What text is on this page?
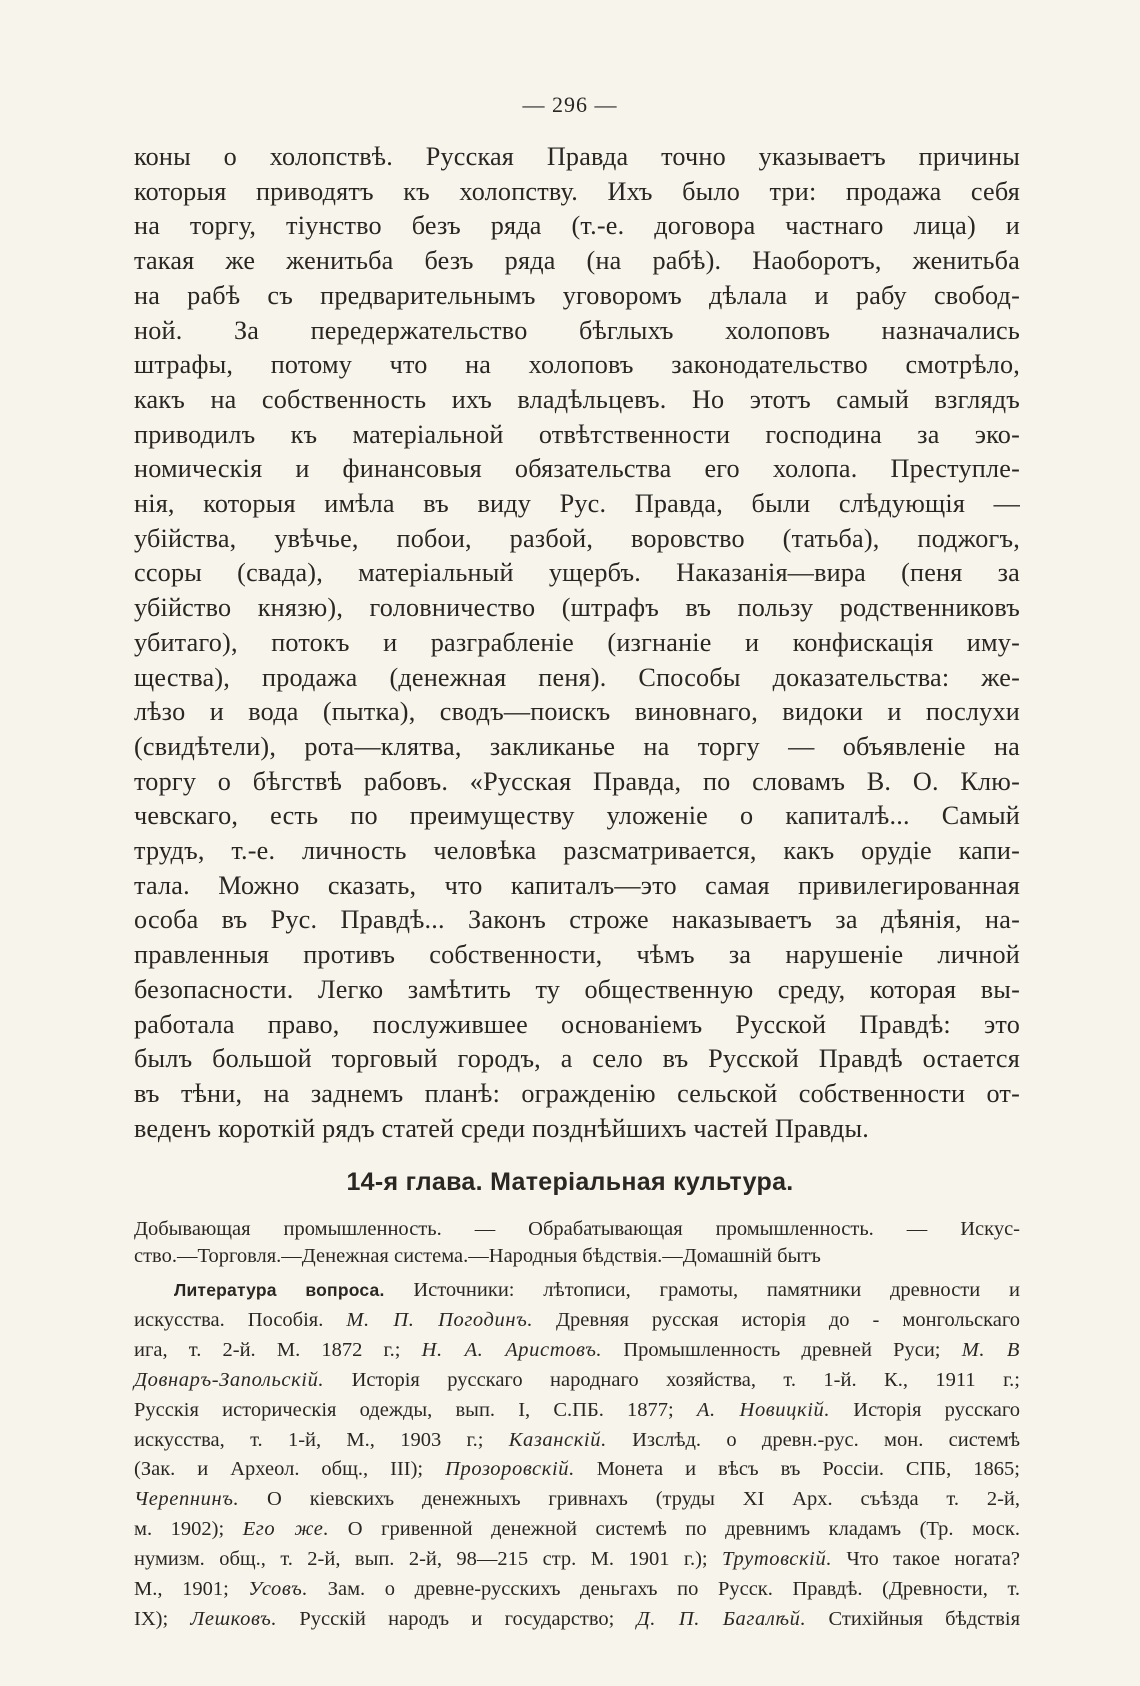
— 296 —
коны о холопствѣ. Русская Правда точно указываетъ причины
которыя приводятъ къ холопству. Ихъ было три: продажа себя
на торгу, тіунство безъ ряда (т.-е. договора частнаго лица) и
такая же женитьба безъ ряда (на рабѣ). Наоборотъ, женитьба
на рабѣ съ предварительнымъ уговоромъ дѣлала и рабу свобод-
ной. За передержательство бѣглыхъ холоповъ назначались
штрафы, потому что на холоповъ законодательство смотрѣло,
какъ на собственность ихъ владѣльцевъ. Но этотъ самый взглядъ
приводилъ къ матеріальной отвѣтственности господина за эко-
номическія и финансовыя обязательства его холопа. Преступле-
нія, которыя имѣла въ виду Рус. Правда, были слѣдующія —
убійства, увѣчье, побои, разбой, воровство (татьба), поджогъ,
ссоры (свада), матеріальный ущербъ. Наказанія—вира (пеня за
убійство князю), головничество (штрафъ въ пользу родственниковъ
убитаго), потокъ и разграбленіе (изгнаніе и конфискація иму-
щества), продажа (денежная пеня). Способы доказательства: же-
лѣзо и вода (пытка), сводъ—поискъ виновнаго, видоки и послухи
(свидѣтели), рота—клятва, закликанье на торгу — объявленіе на
торгу о бѣгствѣ рабовъ. «Русская Правда, по словамъ В. О. Клю-
чевскаго, есть по преимуществу уложеніе о капиталѣ... Самый
трудъ, т.-е. личность человѣка разсматривается, какъ орудіе капи-
тала. Можно сказать, что капиталъ—это самая привилегированная
особа въ Рус. Правдѣ... Законъ строже наказываетъ за дѣянія, на-
правленныя противъ собственности, чѣмъ за нарушеніе личной
безопасности. Легко замѣтить ту общественную среду, которая вы-
работала право, послужившее основаніемъ Русской Правдѣ: это
былъ большой торговый городъ, а село въ Русской Правдѣ остается
въ тѣни, на заднемъ планѣ: огражденію сельской собственности от-
веденъ короткій рядъ статей среди позднѣйшихъ частей Правды.
14-я глава. Матеріальная культура.
Добывающая промышленность. — Обрабатывающая промышленность. — Искус-
ство.—Торговля.—Денежная система.—Народныя бѣдствія.—Домашній бытъ
Литература вопроса. Источники: лѣтописи, грамоты, памятники древности и
искусства. Пособія. М. П. Погодинъ. Древняя русская исторія до - монгольскаго
ига, т. 2-й. М. 1872 г.; Н. А. Аристовъ. Промышленность древней Руси; М. В
Довнаръ-Запольскій. Исторія русскаго народнаго хозяйства, т. 1-й. К., 1911 г.;
Русскія историческія одежды, вып. I, С.ПБ. 1877; А. Новицкій. Исторія русскаго
искусства, т. 1-й, М., 1903 г.; Казанскій. Изслѣд. о древн.-рус. мон. системѣ
(Зак. и Археол. общ., III); Прозоровскій. Монета и вѣсъ въ Россіи. СПБ, 1865;
Черепнинъ. О кіевскихъ денежныхъ гривнахъ (труды XI Арх. съѣзда т. 2-й,
м. 1902); Его же. О гривенной денежной системѣ по древнимъ кладамъ (Тр. моск.
нумизм. общ., т. 2-й, вып. 2-й, 98—215 стр. М. 1901 г.); Трутовскій. Что такое ногата?
М., 1901; Усовъ. Зам. о древне-русскихъ деньгахъ по Русск. Правдѣ. (Древности, т.
IX); Лешковъ. Русскій народъ и государство; Д. П. Багалѣй. Стихійныя бѣдствія
